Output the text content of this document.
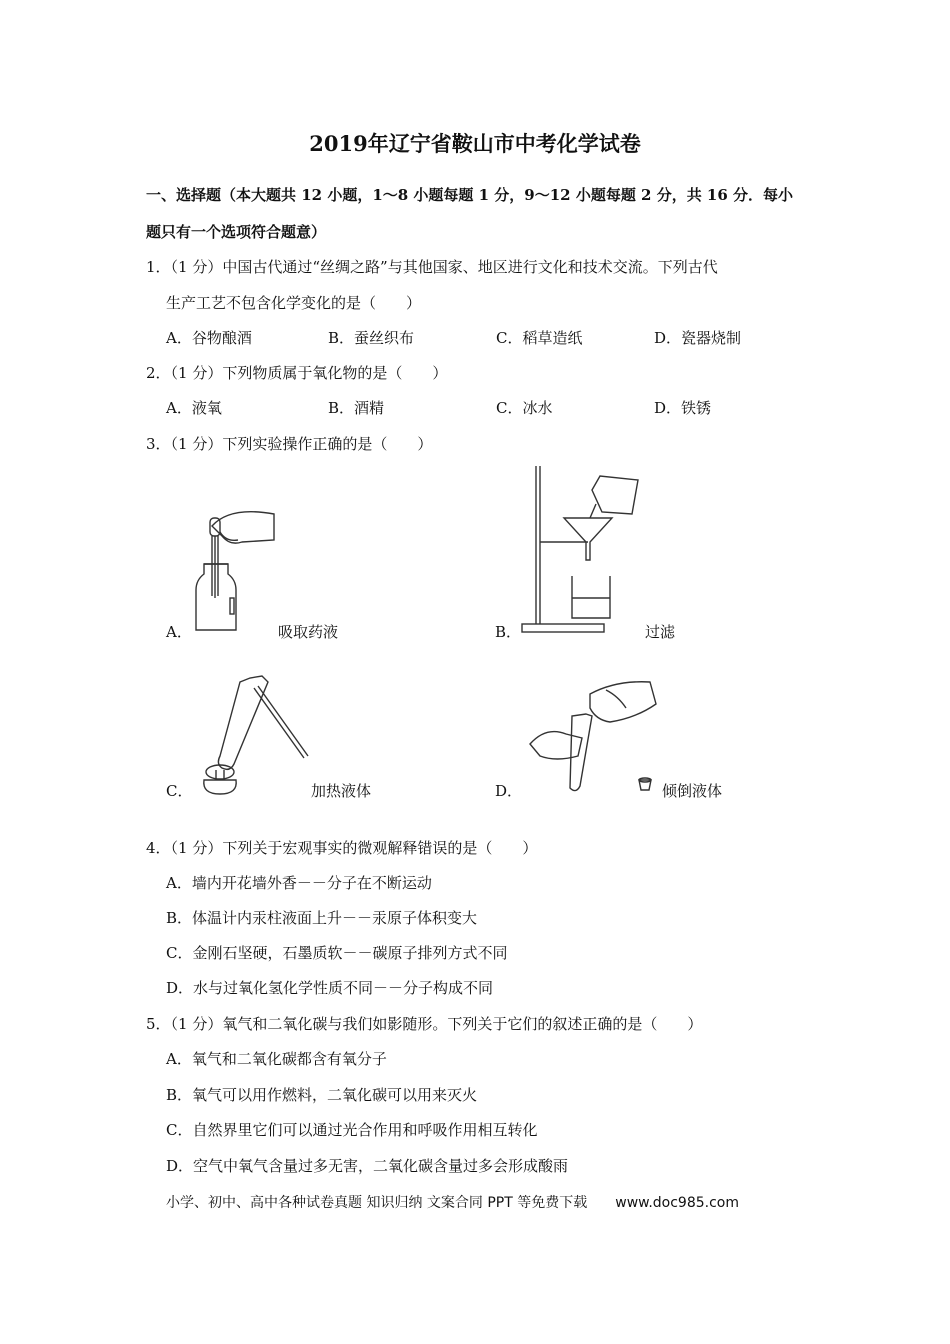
2019年辽宁省鞍山市中考化学试卷
一、选择题（本大题共 12 小题，1～8 小题每题 1 分，9～12 小题每题 2 分，共 16 分．每小
题只有一个选项符合题意）
1．（1 分）中国古代通过“丝绸之路”与其他国家、地区进行文化和技术交流。下列古代
生产工艺不包含化学变化的是（　　）
A．谷物酿酒	B．蚕丝织布	C．稻草造纸	D．瓷器烧制
2．（1 分）下列物质属于氧化物的是（　　）
A．液氧	B．酒精	C．冰水	D．铁锈
3．（1 分）下列实验操作正确的是（　　）
A．	吸取药液	B．	过滤
C．	加热液体	D．	倾倒液体
4．（1 分）下列关于宏观事实的微观解释错误的是（　　）
A．墙内开花墙外香－－分子在不断运动
B．体温计内汞柱液面上升－－汞原子体积变大
C．金刚石坚硬，石墨质软－－碳原子排列方式不同
D．水与过氧化氢化学性质不同－－分子构成不同
5．（1 分）氧气和二氧化碳与我们如影随形。下列关于它们的叙述正确的是（　　）
A．氧气和二氧化碳都含有氧分子
B．氧气可以用作燃料，二氧化碳可以用来灭火
C．自然界里它们可以通过光合作用和呼吸作用相互转化
D．空气中氧气含量过多无害，二氧化碳含量过多会形成酸雨
小学、初中、高中各种试卷真题 知识归纳 文案合同 PPT 等免费下载 www.doc985.com
